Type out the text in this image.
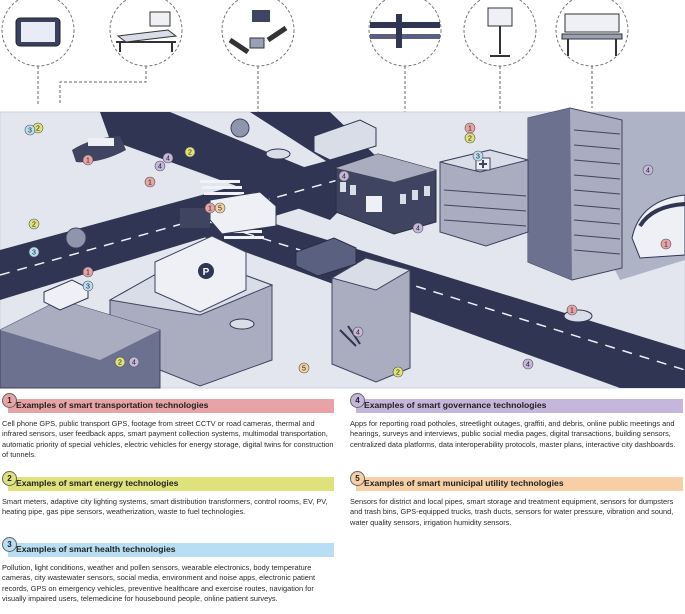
P
1
2
3
1
4
2
4
1 5
1
3
2
3
1
2
3
4
4
1
2 4
4
2
5
4
4
1
1 Examples of smart transportation technologies
Cell phone GPS, public transport GPS, footage from street CCTV or road cameras, thermal and infrared sensors, user feedback apps, smart payment collection systems, multimodal transportation, automatic priority of special vehicles, electric vehicles for energy storage, digital twins for construction of tunnels.
2 Examples of smart energy technologies
Smart meters, adaptive city lighting systems, smart distribution transformers, control rooms, EV, PV, heating pipe, gas pipe sensors, weatherization, waste to fuel technologies.
3 Examples of smart health technologies
Pollution, light conditions, weather and pollen sensors, wearable electronics, body temperature cameras, city wastewater sensors, social media, environment and noise apps, electronic patient records, GPS on emergency vehicles, preventive healthcare and exercise routes, navigation for visually impaired users, telemedicine for housebound people, online patient surveys.
4 Examples of smart governance technologies
Apps for reporting road potholes, streetlight outages, graffiti, and debris, online public meetings and hearings, surveys and interviews, public social media pages, digital transactions, building sensors, centralized data platforms, data interoperability protocols, master plans, interactive city dashboards.
5 Examples of smart municipal utility technologies
Sensors for district and local pipes, smart storage and treatment equipment, sensors for dumpsters and trash bins, GPS-equipped trucks, trash ducts, sensors for water pressure, vibration and sound, water quality sensors, irrigation humidity sensors.
